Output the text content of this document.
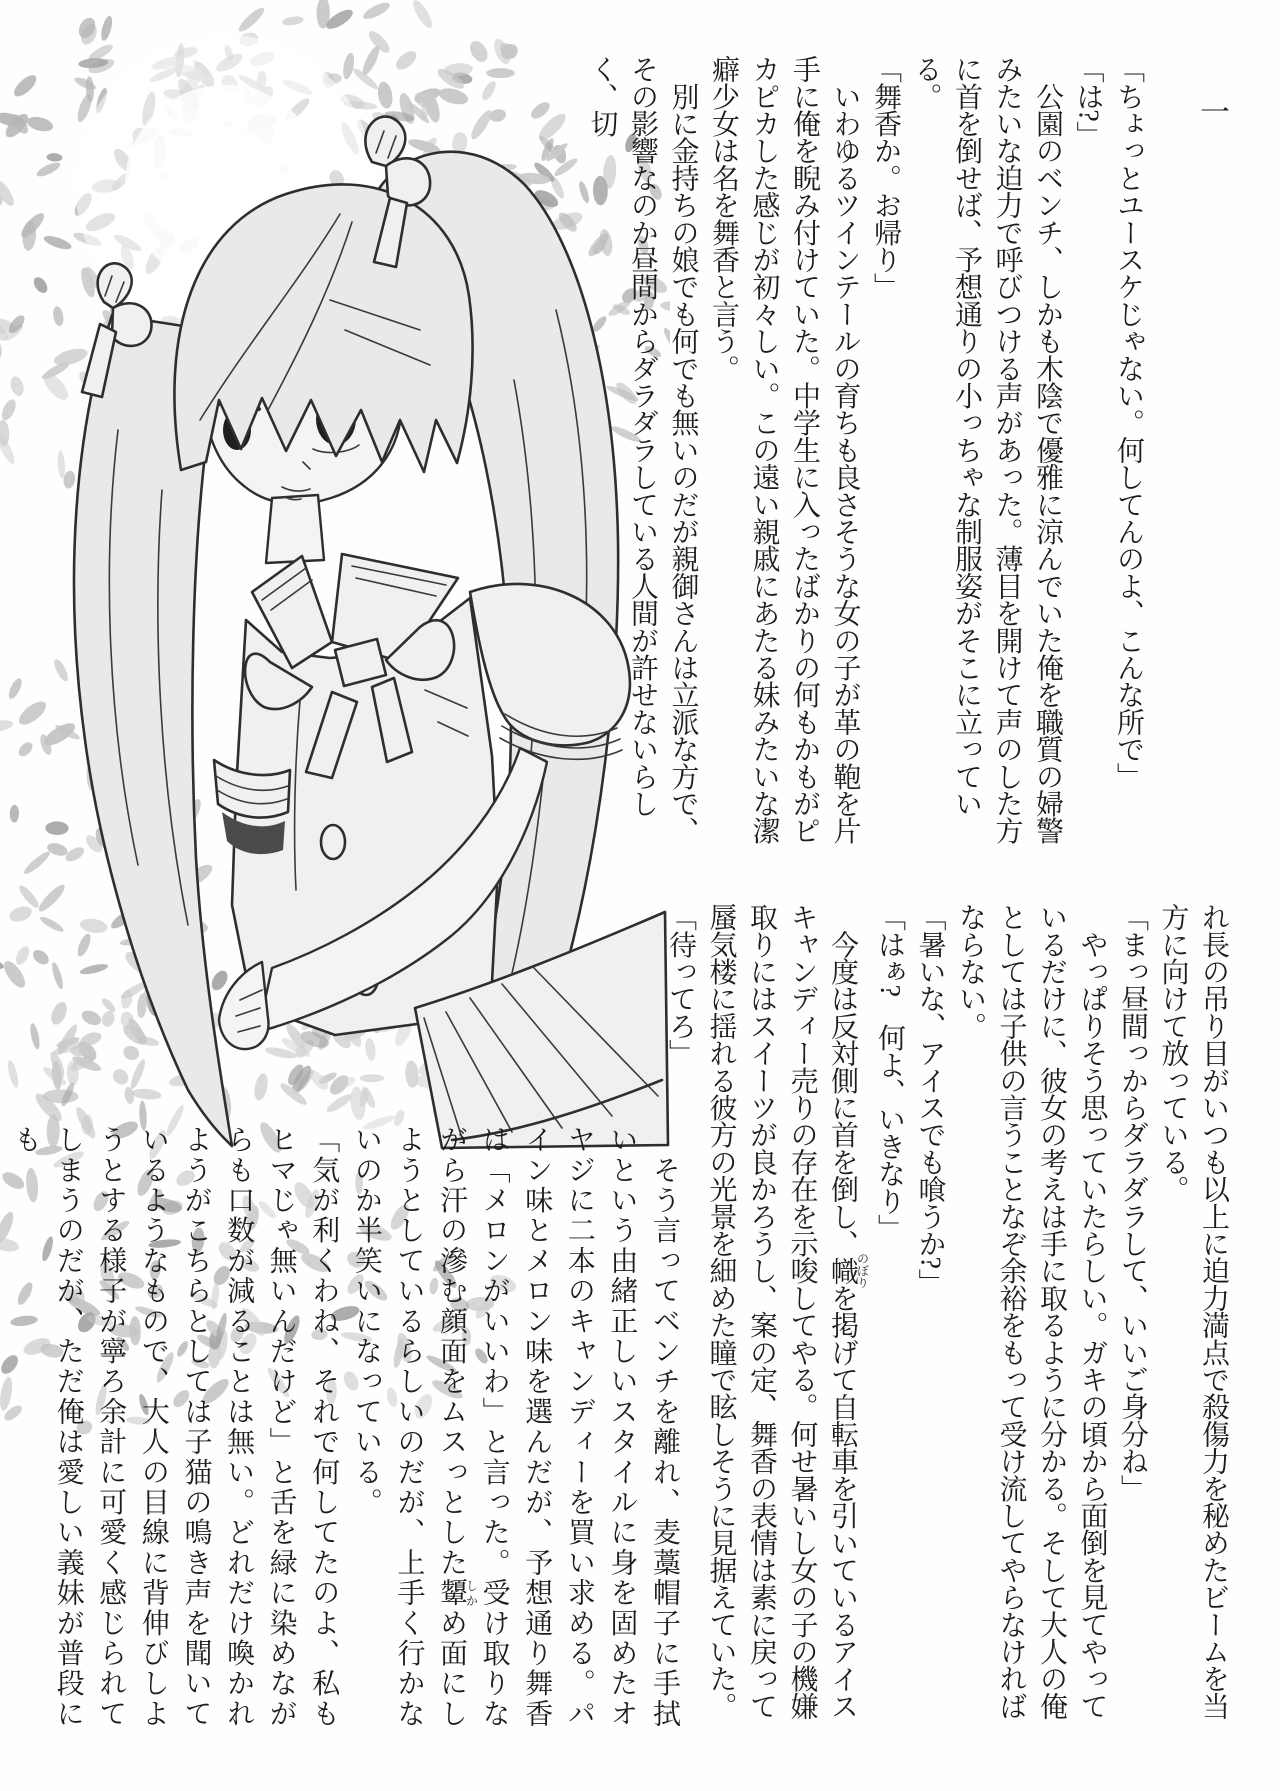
一

「ちょっとユースケじゃない。何してんのよ、こんな所で」

「は?」

　公園のベンチ、しかも木陰で優雅に涼んでいた俺を職質の婦警みたいな迫力で呼びつける声があった。薄目を開けて声のした方に首を倒せば、予想通りの小っちゃな制服姿がそこに立っている。

「舞香か。お帰り」

　いわゆるツインテールの育ちも良さそうな女の子が革の鞄を片手に俺を睨み付けていた。中学生に入ったばかりの何もかもがピカピカした感じが初々しい。この遠い親戚にあたる妹みたいな潔癖少女は名を舞香と言う。

　別に金持ちの娘でも何でも無いのだが親御さんは立派な方で、その影響なのか昼間からダラダラしている人間が許せないらしく、切

れ長の吊り目がいつも以上に迫力満点で殺傷力を秘めたビームを当方に向けて放っている。

「まっ昼間っからダラダラして、いいご身分ね」

　やっぱりそう思っていたらしい。ガキの頃から面倒を見てやっているだけに、彼女の考えは手に取るように分かる。そして大人の俺としては子供の言うことなぞ余裕をもって受け流してやらなければならない。

「暑いな、アイスでも喰うか?」

「はぁ?　何よ、いきなり」

　今度は反対側に首を倒し、幟のぼりを掲げて自転車を引いているアイスキャンディー売りの存在を示唆してやる。何せ暑いし女の子の機嫌取りにはスイーツが良かろうし、案の定、舞香の表情は素に戻って蜃気楼に揺れる彼方の光景を細めた瞳で眩しそうに見据えていた。

「待ってろ」

　そう言ってベンチを離れ、麦藁帽子に手拭いという由緒正しいスタイルに身を固めたオヤジに二本のキャンディーを買い求める。パイン味とメロン味を選んだが、予想通り舞香は「メロンがいいわ」と言った。受け取りながら汗の滲む顔面をムスっとした顰しかめ面にしようとしているらしいのだが、上手く行かないのか半笑いになっている。

「気が利くわね、それで何してたのよ、私もヒマじゃ無いんだけど」と舌を緑に染めながらも口数が減ることは無い。どれだけ喚かれようがこちらとしては子猫の鳴き声を聞いているようなもので、大人の目線に背伸びしようとする様子が寧ろ余計に可愛く感じられてしまうのだが、ただ俺は愛しい義妹が普段にも
